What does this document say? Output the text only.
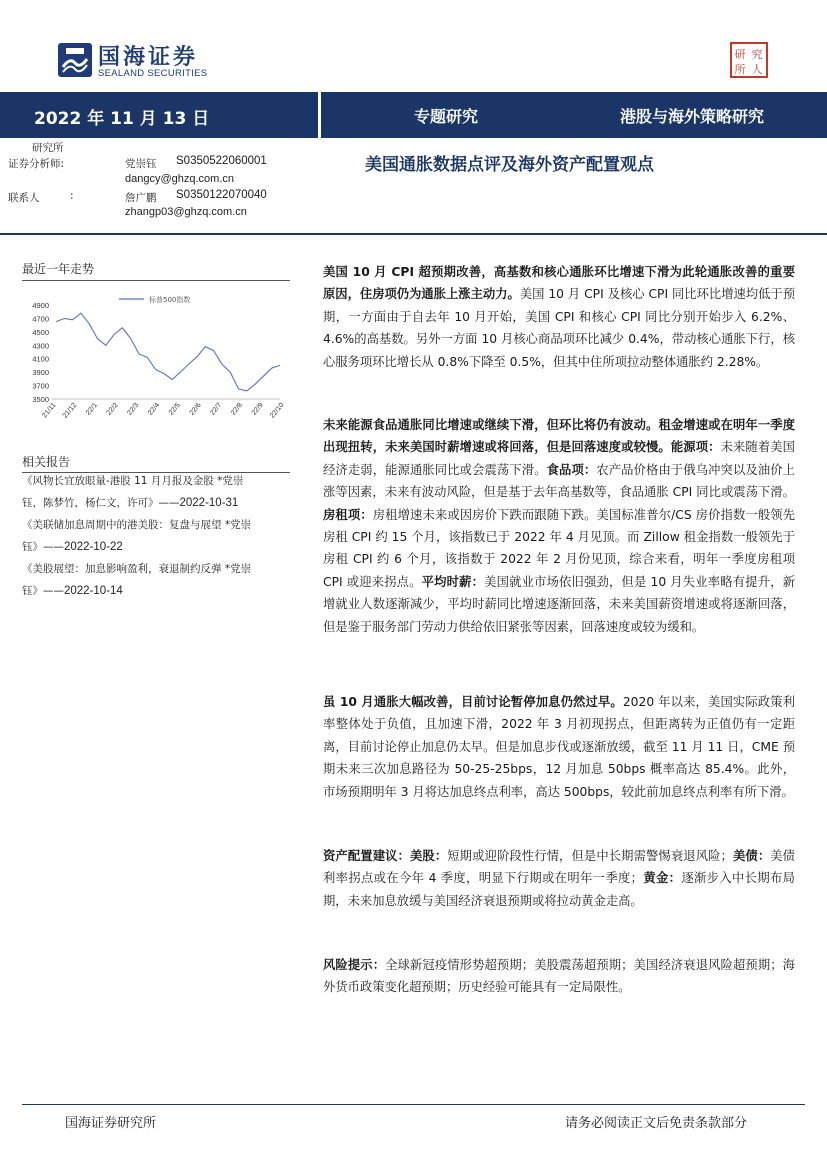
国海证券
SEALAND SECURITIES
研 究
所 人
2022 年 11 月 13 日	专题研究	港股与海外策略研究
研究所
证券分析师:	党崇钰 S0350522060001
dangcy@ghzq.com.cn
联系人	:	詹广鹏 S0350122070040
zhangp03@ghzq.com.cn
美国通胀数据点评及海外资产配置观点
最近一年走势
4900
4700
4500
4300
4100
3900
3700
3500
21/11 21/12 22/1 22/2 22/3 22/4 22/5 22/6 22/7 22/8 22/9 22/10
标普500指数
相关报告
《风物长宜放眼量-港股 11 月月报及金股 *党崇
钰，陈梦竹，杨仁文，许可》——2022-10-31
《美联储加息周期中的港美股：复盘与展望 *党崇
钰》——2022-10-22
《美股展望：加息影响盈利，衰退制约反弹 *党崇
钰》——2022-10-14
美国 10 月 CPI 超预期改善，高基数和核心通胀环比增速下滑为此轮通胀改善的重要原因，住房项仍为通胀上涨主动力。美国 10 月 CPI 及核心 CPI 同比环比增速均低于预期，一方面由于自去年 10 月开始，美国 CPI 和核心 CPI 同比分别开始步入 6.2%、4.6%的高基数。另外一方面 10 月核心商品项环比减少 0.4%，带动核心通胀下行，核心服务项环比增长从 0.8%下降至 0.5%，但其中住所项拉动整体通胀约 2.28%。
未来能源食品通胀同比增速或继续下滑，但环比将仍有波动。租金增速或在明年一季度出现扭转，未来美国时薪增速或将回落，但是回落速度或较慢。能源项：未来随着美国经济走弱，能源通胀同比或会震荡下滑。食品项：农产品价格由于俄乌冲突以及油价上涨等因素，未来有波动风险，但是基于去年高基数等，食品通胀 CPI 同比或震荡下滑。房租项：房租增速未来或因房价下跌而跟随下跌。美国标准普尔/CS 房价指数一般领先房租 CPI 约 15 个月，该指数已于 2022 年 4 月见顶。而 Zillow 租金指数一般领先于房租 CPI 约 6 个月，该指数于 2022 年 2 月份见顶，综合来看，明年一季度房租项 CPI 或迎来拐点。平均时薪：美国就业市场依旧强劲，但是 10 月失业率略有提升，新增就业人数逐渐减少，平均时薪同比增速逐渐回落，未来美国薪资增速或将逐渐回落，但是鉴于服务部门劳动力供给依旧紧张等因素，回落速度或较为缓和。
虽 10 月通胀大幅改善，目前讨论暂停加息仍然过早。2020 年以来，美国实际政策利率整体处于负值，且加速下滑，2022 年 3 月初现拐点，但距离转为正值仍有一定距离，目前讨论停止加息仍太早。但是加息步伐或逐渐放缓，截至 11 月 11 日，CME 预期未来三次加息路径为 50-25-25bps，12 月加息 50bps 概率高达 85.4%。此外，市场预期明年 3 月将达加息终点利率，高达 500bps，较此前加息终点利率有所下滑。
资产配置建议：美股：短期或迎阶段性行情，但是中长期需警惕衰退风险；美债：美债利率拐点或在今年 4 季度，明显下行期或在明年一季度；黄金：逐渐步入中长期布局期，未来加息放缓与美国经济衰退预期或将拉动黄金走高。
风险提示：全球新冠疫情形势超预期；美股震荡超预期；美国经济衰退风险超预期；海外货币政策变化超预期；历史经验可能具有一定局限性。
国海证券研究所	请务必阅读正文后免责条款部分
